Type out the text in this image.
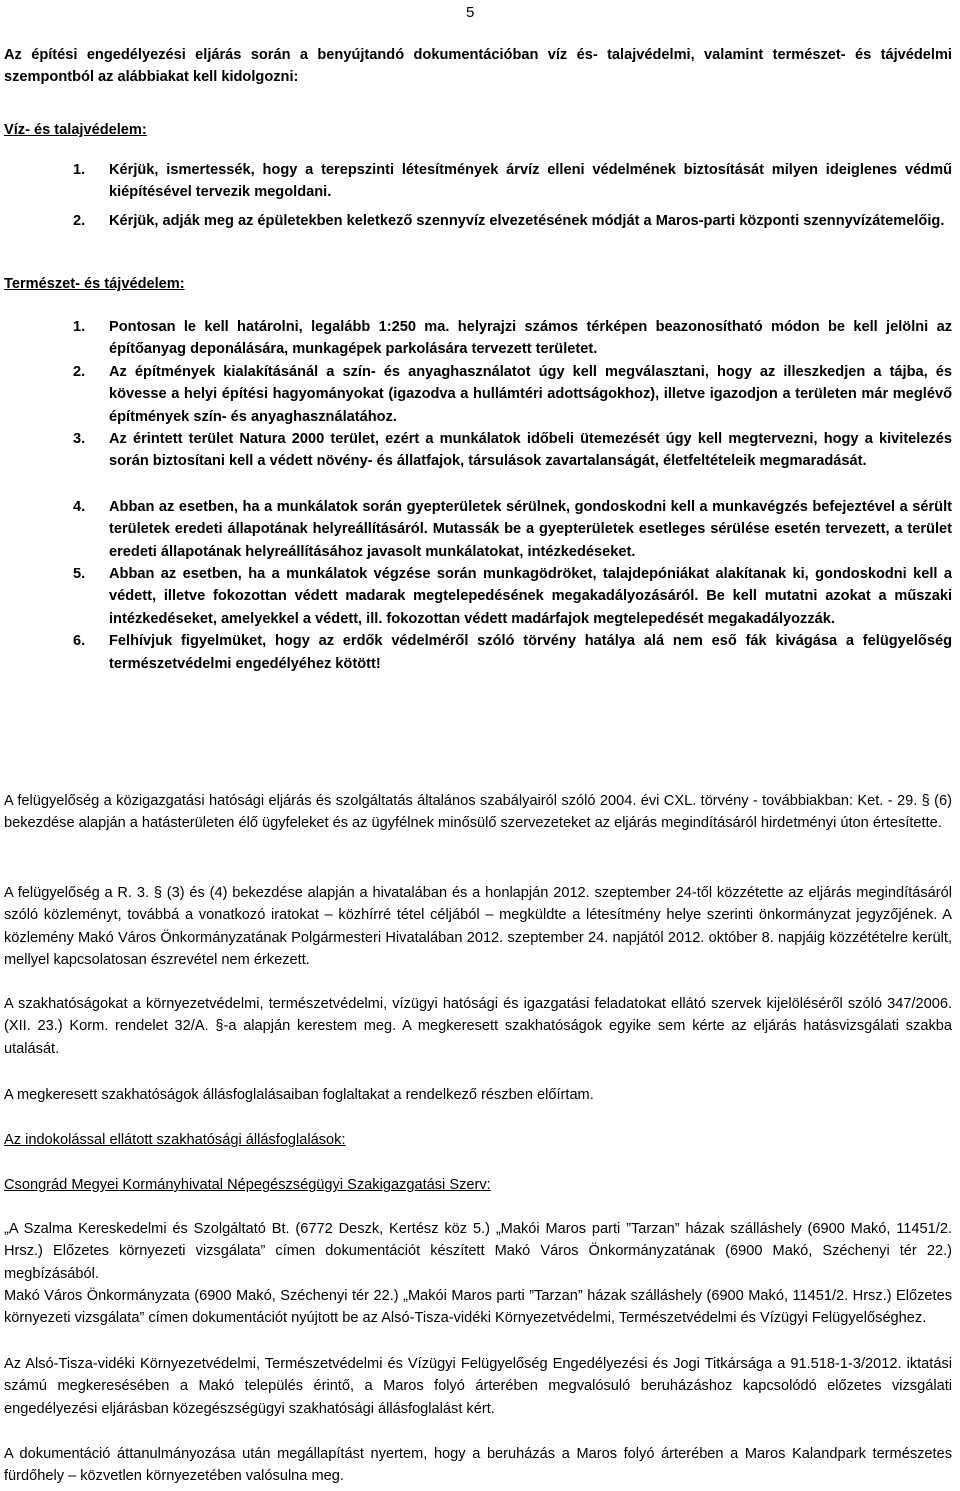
5

Az építési engedélyezési eljárás során a benyújtandó dokumentációban víz és- talajvédelmi, valamint természet- és tájvédelmi szempontból az alábbiakat kell kidolgozni:

Víz- és talajvédelem:

1. Kérjük, ismertessék, hogy a terepszinti létesítmények árvíz elleni védelmének biztosítását milyen ideiglenes védmű kiépítésével tervezik megoldani.
2. Kérjük, adják meg az épületekben keletkező szennyvíz elvezetésének módját a Maros-parti központi szennyvízátemelőig.

Természet- és tájvédelem:

1. Pontosan le kell határolni, legalább 1:250 ma. helyrajzi számos térképen beazonosítható módon be kell jelölni az építőanyag deponálására, munkagépek parkolására tervezett területet.
2. Az építmények kialakításánál a szín- és anyaghasználatot úgy kell megválasztani, hogy az illeszkedjen a tájba, és kövesse a helyi építési hagyományokat (igazodva a hullámtéri adottságokhoz), illetve igazodjon a területen már meglévő építmények szín- és anyaghasználatához.
3. Az érintett terület Natura 2000 terület, ezért a munkálatok időbeli ütemezését úgy kell megtervezni, hogy a kivitelezés során biztosítani kell a védett növény- és állatfajok, társulások zavartalanságát, életfeltételeik megmaradását.
4. Abban az esetben, ha a munkálatok során gyepterületek sérülnek, gondoskodni kell a munkavégzés befejeztével a sérült területek eredeti állapotának helyreállításáról. Mutassák be a gyepterületek esetleges sérülése esetén tervezett, a terület eredeti állapotának helyreállításához javasolt munkálatokat, intézkedéseket.
5. Abban az esetben, ha a munkálatok végzése során munkagödröket, talajdepóniákat alakítanak ki, gondoskodni kell a védett, illetve fokozottan védett madarak megtelepedésének megakadályozásáról. Be kell mutatni azokat a műszaki intézkedéseket, amelyekkel a védett, ill. fokozottan védett madárfajok megtelepedését megakadályozzák.
6. Felhívjuk figyelmüket, hogy az erdők védelméről szóló törvény hatálya alá nem eső fák kivágása a felügyelőség természetvédelmi engedélyéhez kötött!

A felügyelőség a közigazgatási hatósági eljárás és szolgáltatás általános szabályairól szóló 2004. évi CXL. törvény - továbbiakban: Ket. - 29. § (6) bekezdése alapján a hatásterületen élő ügyfeleket és az ügyfélnek minősülő szervezeteket az eljárás megindításáról hirdetményi úton értesítette.

A felügyelőség a R. 3. § (3) és (4) bekezdése alapján a hivatalában és a honlapján 2012. szeptember 24-től közzétette az eljárás megindításáról szóló közleményt, továbbá a vonatkozó iratokat – közhírré tétel céljából – megküldte a létesítmény helye szerinti önkormányzat jegyzőjének. A közlemény Makó Város Önkormányzatának Polgármesteri Hivatalában 2012. szeptember 24. napjától 2012. október 8. napjáig közzétételre került, mellyel kapcsolatosan észrevétel nem érkezett.

A szakhatóságokat a környezetvédelmi, természetvédelmi, vízügyi hatósági és igazgatási feladatokat ellátó szervek kijelöléséről szóló 347/2006. (XII. 23.) Korm. rendelet 32/A. §-a alapján kerestem meg. A megkeresett szakhatóságok egyike sem kérte az eljárás hatásvizsgálati szakba utalását.

A megkeresett szakhatóságok állásfoglalásaiban foglaltakat a rendelkező részben előírtam.

Az indokolással ellátott szakhatósági állásfoglalások:

Csongrád Megyei Kormányhivatal Népegészségügyi Szakigazgatási Szerv:

„A Szalma Kereskedelmi és Szolgáltató Bt. (6772 Deszk, Kertész köz 5.) „Makói Maros parti ”Tarzan” házak szálláshely (6900 Makó, 11451/2. Hrsz.) Előzetes környezeti vizsgálata” címen dokumentációt készített Makó Város Önkormányzatának (6900 Makó, Széchenyi tér 22.) megbízásából.

Makó Város Önkormányzata (6900 Makó, Széchenyi tér 22.) „Makói Maros parti ”Tarzan” házak szálláshely (6900 Makó, 11451/2. Hrsz.) Előzetes környezeti vizsgálata” címen dokumentációt nyújtott be az Alsó-Tisza-vidéki Környezetvédelmi, Természetvédelmi és Vízügyi Felügyelőséghez.

Az Alsó-Tisza-vidéki Környezetvédelmi, Természetvédelmi és Vízügyi Felügyelőség Engedélyezési és Jogi Titkársága a 91.518-1-3/2012. iktatási számú megkeresésében a Makó település érintő, a Maros folyó árterében megvalósuló beruházáshoz kapcsolódó előzetes vizsgálati engedélyezési eljárásban közegészségügyi szakhatósági állásfoglalást kért.

A dokumentáció áttanulmányozása után megállapítást nyertem, hogy a beruházás a Maros folyó árterében a Maros Kalandpark természetes fürdőhely – közvetlen környezetében valósulna meg.
